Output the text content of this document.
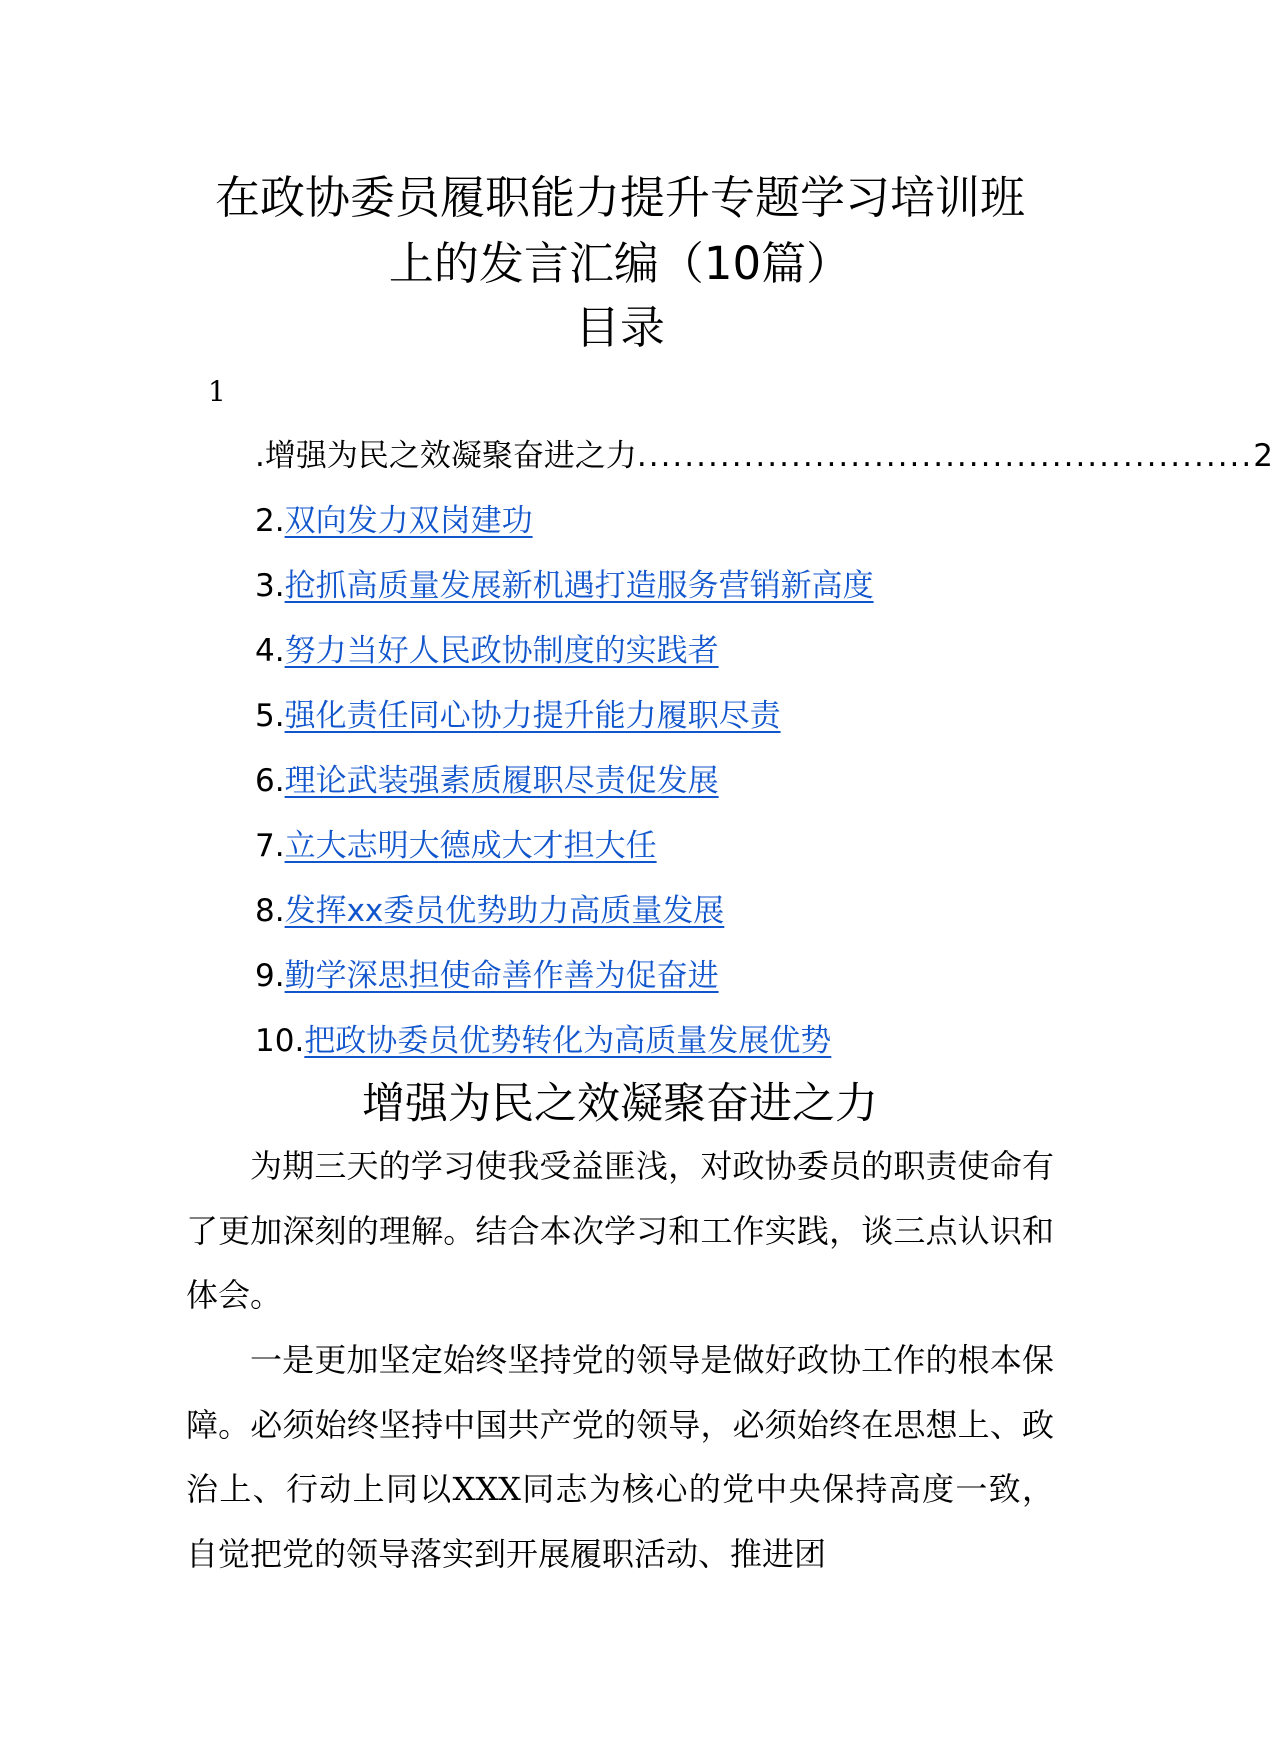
在政协委员履职能力提升专题学习培训班
上的发言汇编（10篇）
目录
1
.增强为民之效凝聚奋进之力 .................................................... 2
2. 双向发力双岗建功
3. 抢抓高质量发展新机遇打造服务营销新高度
4. 努力当好人民政协制度的实践者
5. 强化责任同心协力提升能力履职尽责
6. 理论武装强素质履职尽责促发展
7. 立大志明大德成大才担大任
8. 发挥xx委员优势助力高质量发展
9. 勤学深思担使命善作善为促奋进
10. 把政协委员优势转化为高质量发展优势
增强为民之效凝聚奋进之力

为期三天的学习使我受益匪浅，对政协委员的职责使命有了更加深刻的理解。结合本次学习和工作实践，谈三点认识和体会。

一是更加坚定始终坚持党的领导是做好政协工作的根本保障。必须始终坚持中国共产党的领导，必须始终在思想上、政治上、行动上同以XXX同志为核心的党中央保持高度一致，自觉把党的领导落实到开展履职活动、推进团
